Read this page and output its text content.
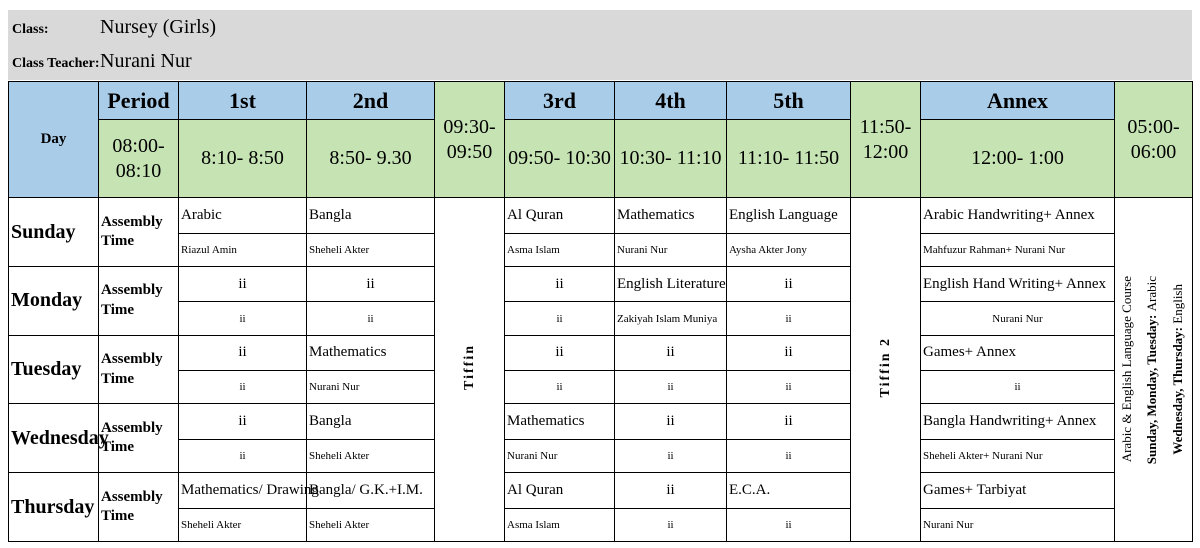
Class:	Nursey (Girls)
Class Teacher: Nurani Nur
Day	Period	1st	2nd	09:30- 09:50	3rd	4th	5th	11:50- 12:00	Annex	05:00- 06:00
	08:00- 08:10	8:10- 8:50	8:50- 9.30		09:50- 10:30	10:30- 11:10	11:10- 11:50		12:00- 1:00	
Sunday	Assembly Time	Arabic	Bangla	Tiffin	Al Quran	Mathematics	English Language	Tiffin 2	Arabic Handwriting+ Annex	Arabic & English Language Course Sunday, Monday, Tuesday: Arabic
Wednesday, Thursday: English

		Riazul Amin	Sheheli Akter		Asma Islam	Nurani Nur	Aysha Akter Jony		Mahfuzur Rahman+ Nurani Nur	
Monday	Assembly Time	ii	ii		ii	English Literature	ii		English Hand Writing+ Annex	
		ii	ii		ii	Zakiyah Islam Muniya	ii		Nurani Nur	
Tuesday	Assembly Time	ii	Mathematics		ii	ii	ii		Games+ Annex	
		ii	Nurani Nur		ii	ii	ii		ii	
Wednesday	Assembly Time	ii	Bangla		Mathematics	ii	ii		Bangla Handwriting+ Annex	
		ii	Sheheli Akter		Nurani Nur	ii	ii		Sheheli Akter+ Nurani Nur	
Thursday	Assembly Time	Mathematics/ Drawing	Bangla/ G.K.+I.M.		Al Quran	ii	E.C.A.		Games+ Tarbiyat	
		Sheheli Akter	Sheheli Akter		Asma Islam	ii	ii		Nurani Nur	
